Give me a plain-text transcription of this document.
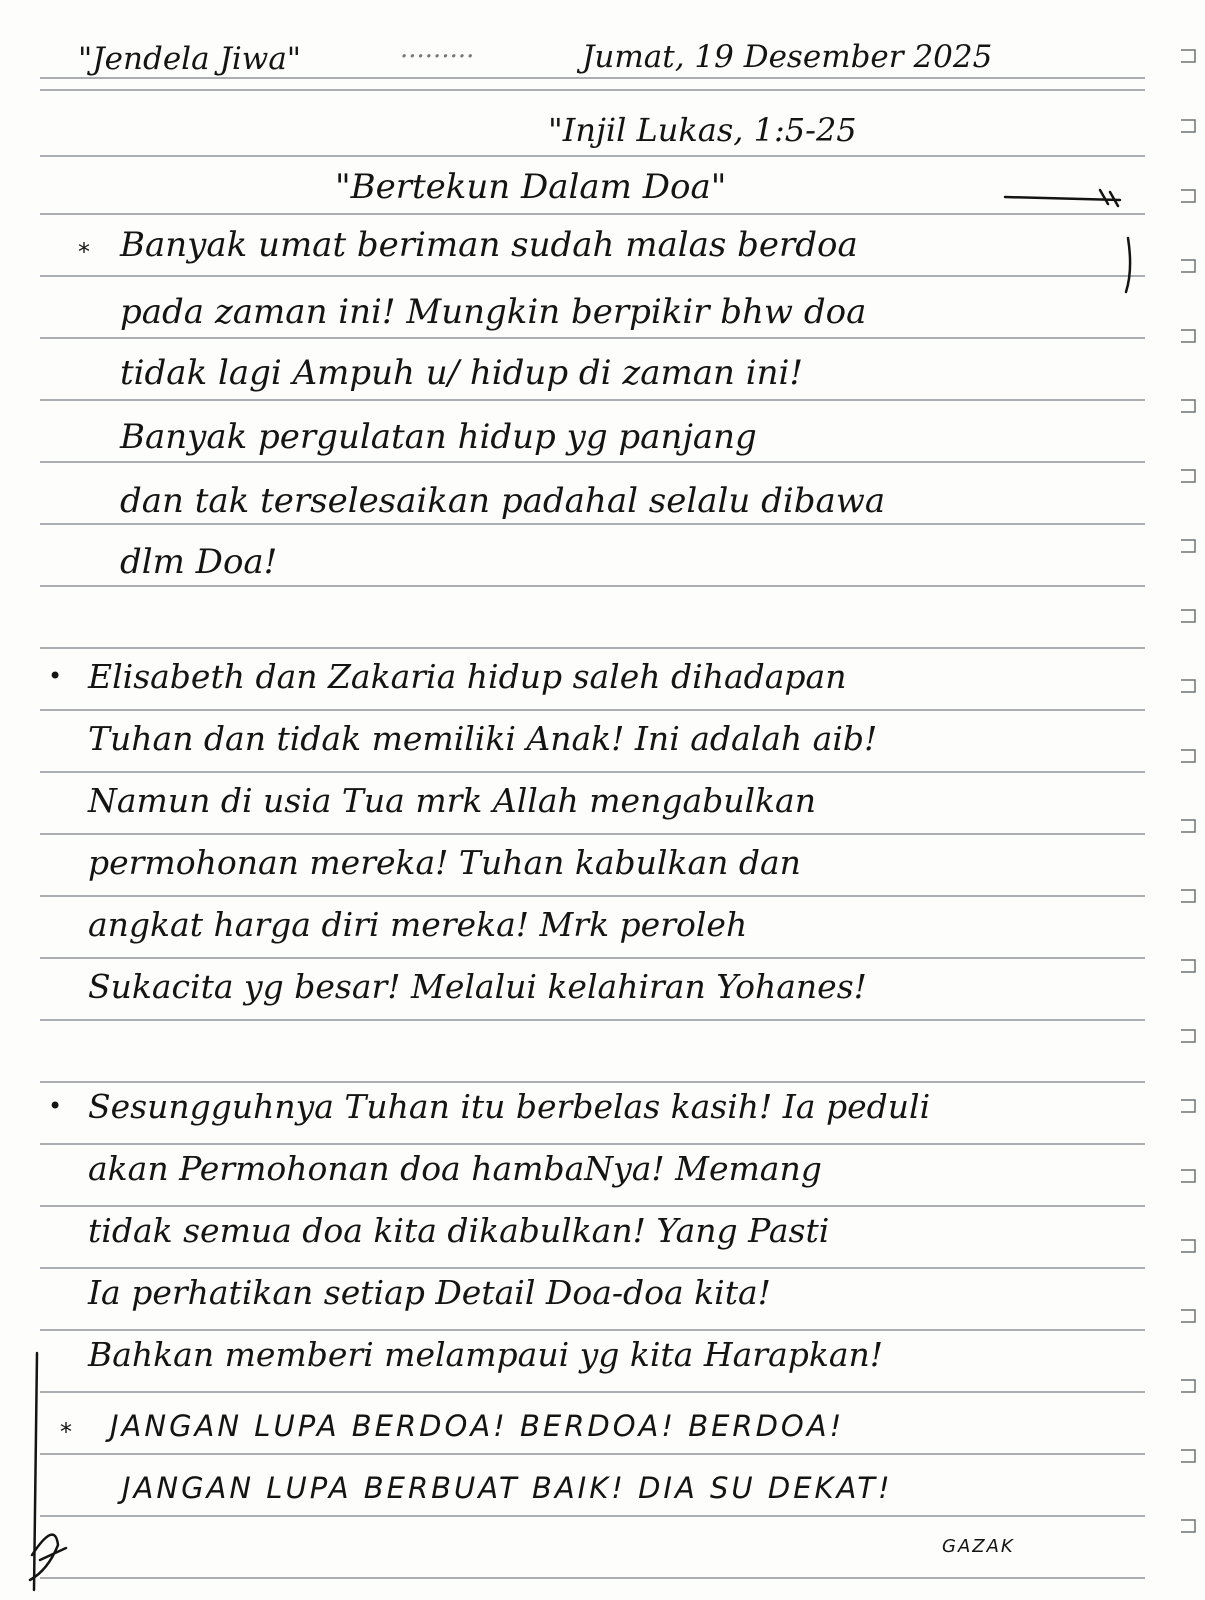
"Jendela Jiwa"	·········	Jumat, 19 Desember 2025
"Injil Lukas, 1:5-25
"Bertekun Dalam Doa"
* Banyak umat beriman sudah malas berdoa
pada zaman ini! Mungkin berpikir bhw doa
tidak lagi Ampuh u/ hidup di zaman ini!
Banyak pergulatan hidup yg panjang
dan tak terselesaikan padahal selalu dibawa
dlm Doa!
• Elisabeth dan Zakaria hidup saleh dihadapan
Tuhan dan tidak memiliki Anak! Ini adalah aib!
Namun di usia Tua mrk Allah mengabulkan
permohonan mereka! Tuhan kabulkan dan
angkat harga diri mereka! Mrk peroleh
Sukacita yg besar! Melalui kelahiran Yohanes!
• Sesungguhnya Tuhan itu berbelas kasih! Ia peduli
akan Permohonan doa hambaNya! Memang
tidak semua doa kita dikabulkan! Yang Pasti
Ia perhatikan setiap Detail Doa-doa kita!
Bahkan memberi melampaui yg kita Harapkan!
* JANGAN LUPA BERDOA! BERDOA! BERDOA!
JANGAN LUPA BERBUAT BAIK! DIA SU DEKAT!
GAZAK
